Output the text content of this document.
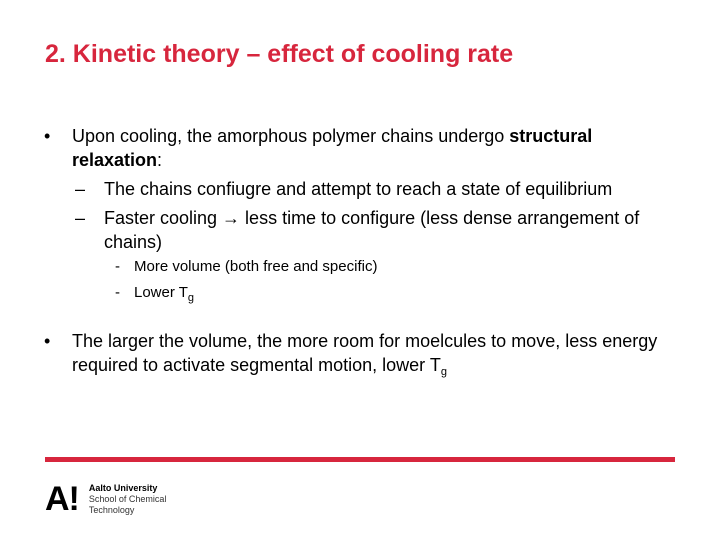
2. Kinetic theory – effect of cooling rate
• Upon cooling, the amorphous polymer chains undergo structural relaxation:
– The chains confiugre and attempt to reach a state of equilibrium
– Faster cooling → less time to configure (less dense arrangement of chains)
- More volume (both free and specific)
- Lower $T_g$
• The larger the volume, the more room for moelcules to move, less energy required to activate segmental motion, lower $T_g$
A! Aalto University
School of Chemical
Technology
